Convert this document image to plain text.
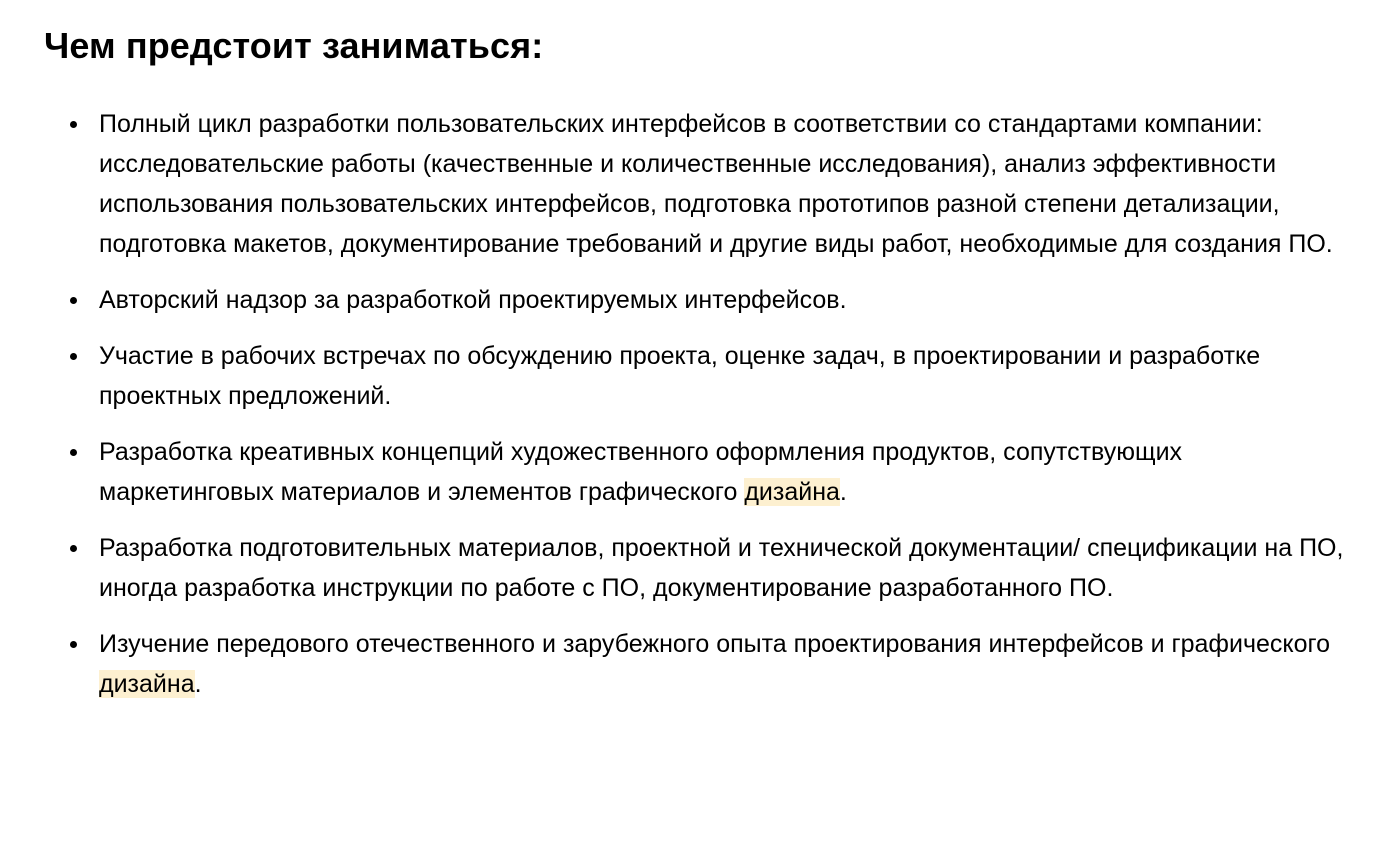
Чем предстоит заниматься:
Полный цикл разработки пользовательских интерфейсов в соответствии со стандартами компании: исследовательские работы (качественные и количественные исследования), анализ эффективности использования пользовательских интерфейсов, подготовка прототипов разной степени детализации, подготовка макетов, документирование требований и другие виды работ, необходимые для создания ПО.
Авторский надзор за разработкой проектируемых интерфейсов.
Участие в рабочих встречах по обсуждению проекта, оценке задач, в проектировании и разработке проектных предложений.
Разработка креативных концепций художественного оформления продуктов, сопутствующих маркетинговых материалов и элементов графического дизайна.
Разработка подготовительных материалов, проектной и технической документации/ спецификации на ПО, иногда разработка инструкции по работе с ПО, документирование разработанного ПО.
Изучение передового отечественного и зарубежного опыта проектирования интерфейсов и графического дизайна.
